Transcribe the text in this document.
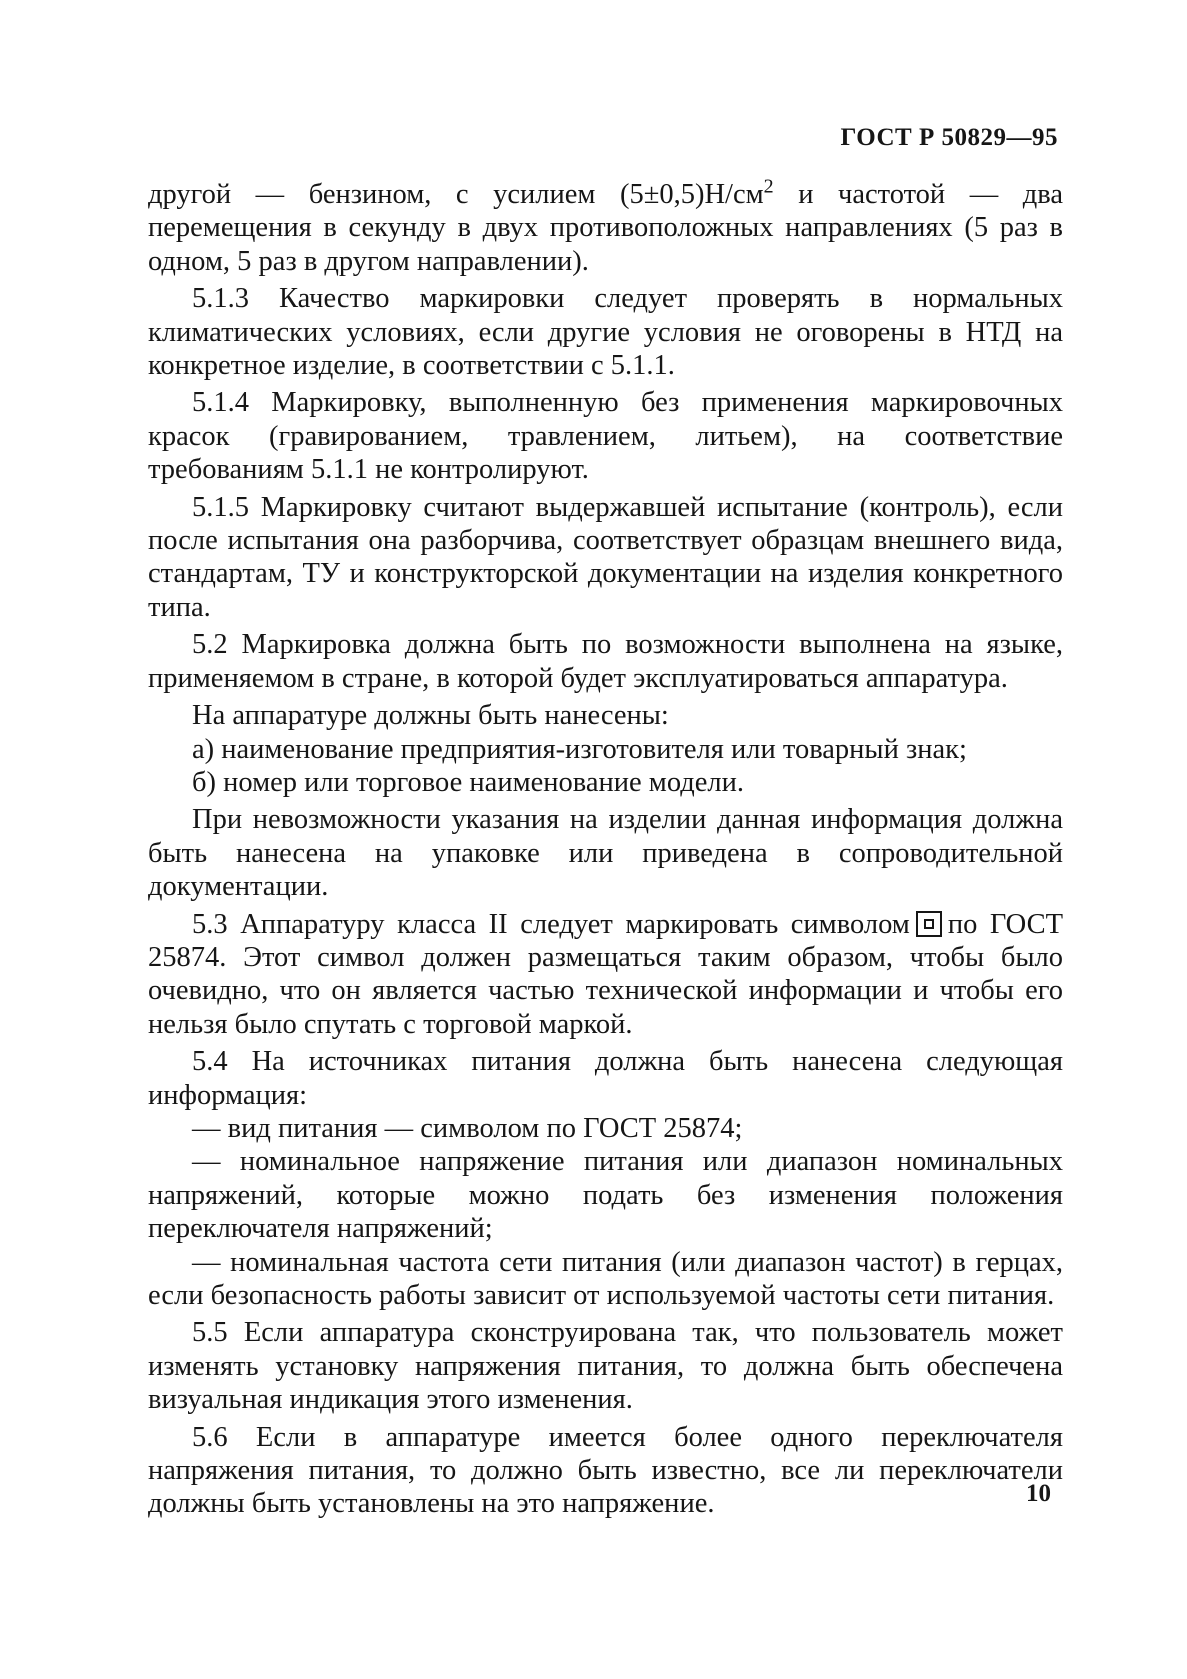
ГОСТ Р 50829—95

другой — бензином, с усилием $(5\pm 0,5)Н/см^2$ и частотой — два перемещения в секунду в двух противоположных направлениях (5 раз в одном, 5 раз в другом направлении).

5.1.3 Качество маркировки следует проверять в нормальных климатических условиях, если другие условия не оговорены в НТД на конкретное изделие, в соответствии с 5.1.1.

5.1.4 Маркировку, выполненную без применения маркировочных красок (гравированием, травлением, литьем), на соответствие требованиям 5.1.1 не контролируют.

5.1.5 Маркировку считают выдержавшей испытание (контроль), если после испытания она разборчива, соответствует образцам внешнего вида, стандартам, ТУ и конструкторской документации на изделия конкретного типа.

5.2 Маркировка должна быть по возможности выполнена на языке, применяемом в стране, в которой будет эксплуатироваться аппаратура.

На аппаратуре должны быть нанесены:

а) наименование предприятия-изготовителя или товарный знак;

б) номер или торговое наименование модели.

При невозможности указания на изделии данная информация должна быть нанесена на упаковке или приведена в сопроводительной документации.

5.3 Аппаратуру класса II следует маркировать символом по ГОСТ 25874. Этот символ должен размещаться таким образом, чтобы было очевидно, что он является частью технической информации и чтобы его нельзя было спутать с торговой маркой.

5.4 На источниках питания должна быть нанесена следующая информация:

— вид питания — символом по ГОСТ 25874;

— номинальное напряжение питания или диапазон номинальных напряжений, которые можно подать без изменения положения переключателя напряжений;

— номинальная частота сети питания (или диапазон частот) в герцах, если безопасность работы зависит от используемой частоты сети питания.

5.5 Если аппаратура сконструирована так, что пользователь может изменять установку напряжения питания, то должна быть обеспечена визуальная индикация этого изменения.

5.6 Если в аппаратуре имеется более одного переключателя напряжения питания, то должно быть известно, все ли переключатели должны быть установлены на это напряжение.	10
